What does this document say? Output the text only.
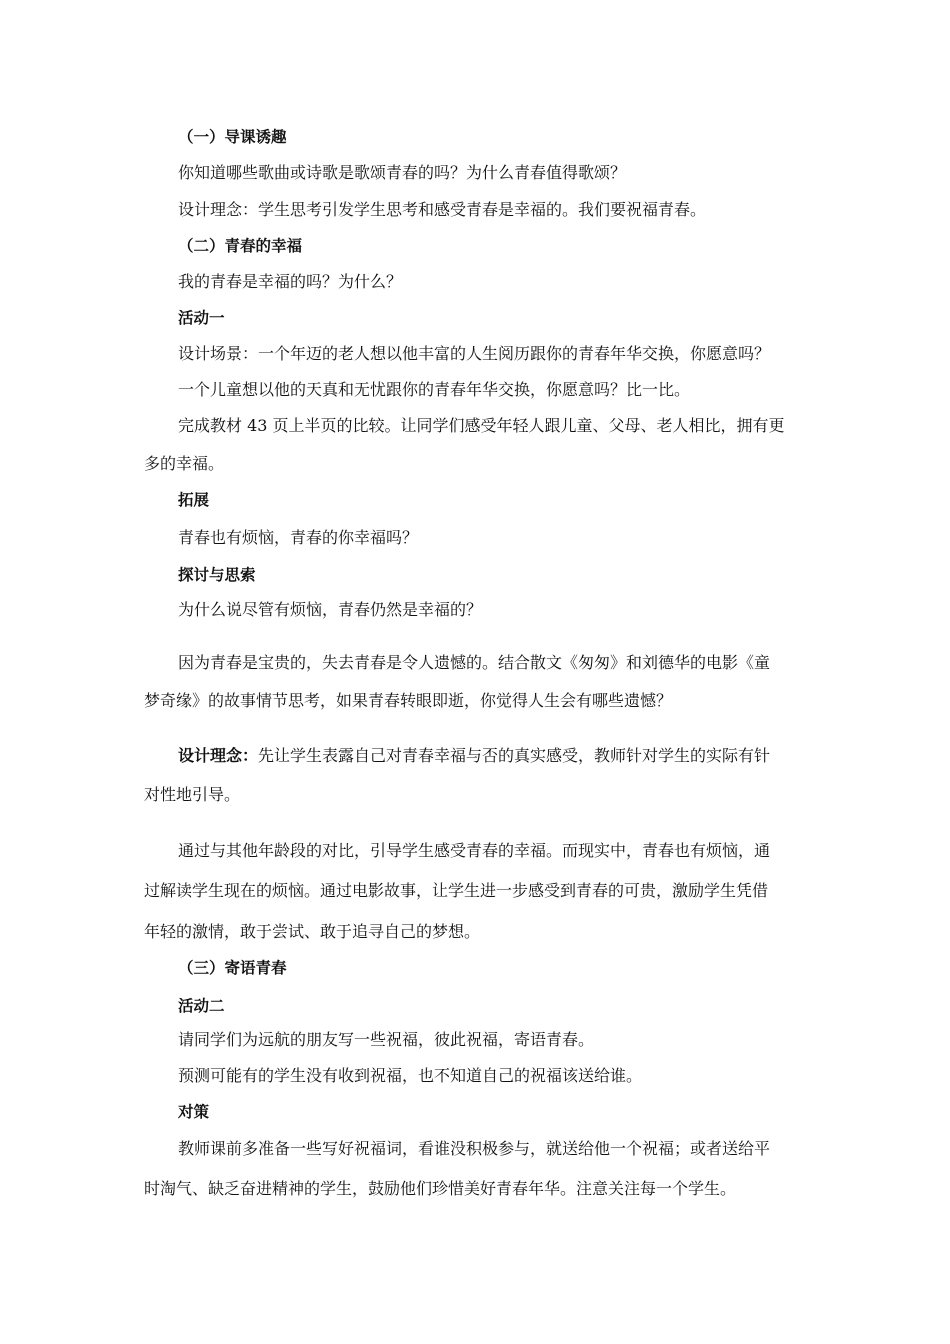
（一）导课诱趣
你知道哪些歌曲或诗歌是歌颂青春的吗？为什么青春值得歌颂？
设计理念：学生思考引发学生思考和感受青春是幸福的。我们要祝福青春。
（二）青春的幸福
我的青春是幸福的吗？为什么？
活动一
设计场景：一个年迈的老人想以他丰富的人生阅历跟你的青春年华交换，你愿意吗？
一个儿童想以他的天真和无忧跟你的青春年华交换，你愿意吗？比一比。
完成教材 43 页上半页的比较。让同学们感受年轻人跟儿童、父母、老人相比，拥有更
多的幸福。
拓展
青春也有烦恼，青春的你幸福吗？
探讨与思索
为什么说尽管有烦恼，青春仍然是幸福的？
因为青春是宝贵的，失去青春是令人遗憾的。结合散文《匆匆》和刘德华的电影《童
梦奇缘》的故事情节思考，如果青春转眼即逝，你觉得人生会有哪些遗憾？
设计理念：先让学生表露自己对青春幸福与否的真实感受，教师针对学生的实际有针
对性地引导。
通过与其他年龄段的对比，引导学生感受青春的幸福。而现实中，青春也有烦恼，通
过解读学生现在的烦恼。通过电影故事，让学生进一步感受到青春的可贵，激励学生凭借
年轻的激情，敢于尝试、敢于追寻自己的梦想。
（三）寄语青春
活动二
请同学们为远航的朋友写一些祝福，彼此祝福，寄语青春。
预测可能有的学生没有收到祝福，也不知道自己的祝福该送给谁。
对策
教师课前多准备一些写好祝福词，看谁没积极参与，就送给他一个祝福；或者送给平
时淘气、缺乏奋进精神的学生，鼓励他们珍惜美好青春年华。注意关注每一个学生。
